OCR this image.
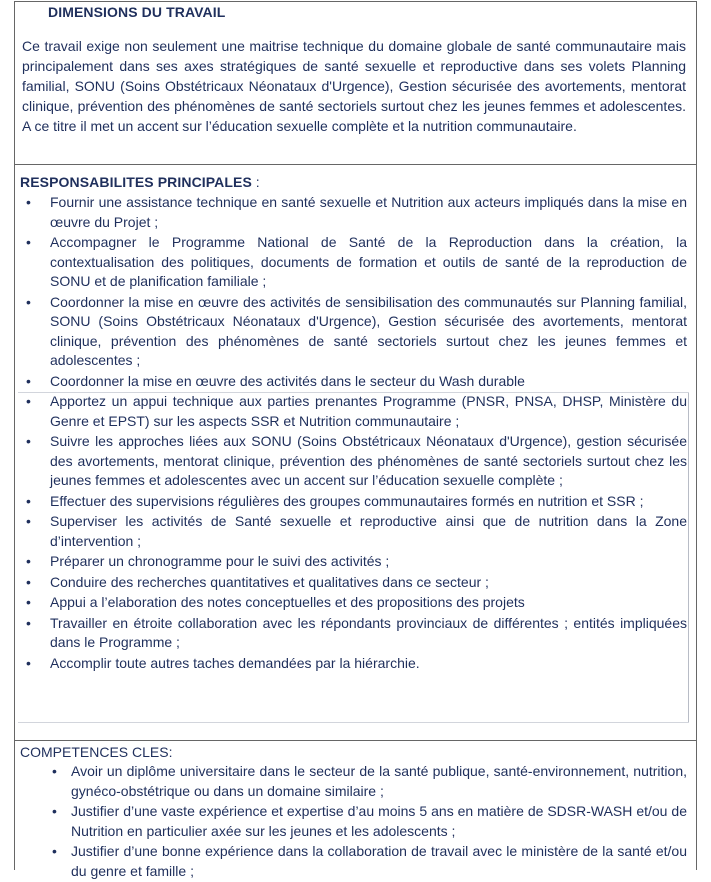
DIMENSIONS DU TRAVAIL
Ce travail exige non seulement une maitrise technique du domaine globale de santé communautaire mais principalement dans ses axes stratégiques de santé sexuelle et reproductive dans ses volets Planning familial, SONU (Soins Obstétricaux Néonataux d'Urgence), Gestion sécurisée des avortements, mentorat clinique, prévention des phénomènes de santé sectoriels surtout chez les jeunes femmes et adolescentes. A ce titre il met un accent sur l’éducation sexuelle complète et la nutrition communautaire.
RESPONSABILITES PRINCIPALES :
• Fournir une assistance technique en santé sexuelle et Nutrition aux acteurs impliqués dans la mise en œuvre du Projet ;
• Accompagner le Programme National de Santé de la Reproduction dans la création, la contextualisation des politiques, documents de formation et outils de santé de la reproduction de SONU et de planification familiale ;
• Coordonner la mise en œuvre des activités de sensibilisation des communautés sur Planning familial, SONU (Soins Obstétricaux Néonataux d'Urgence), Gestion sécurisée des avortements, mentorat clinique, prévention des phénomènes de santé sectoriels surtout chez les jeunes femmes et adolescentes ;
• Coordonner la mise en œuvre des activités dans le secteur du Wash durable
• Apportez un appui technique aux parties prenantes Programme (PNSR, PNSA, DHSP, Ministère du Genre et EPST) sur les aspects SSR et Nutrition communautaire ;
• Suivre les approches liées aux SONU (Soins Obstétricaux Néonataux d'Urgence), gestion sécurisée des avortements, mentorat clinique, prévention des phénomènes de santé sectoriels surtout chez les jeunes femmes et adolescentes avec un accent sur l’éducation sexuelle complète ;
• Effectuer des supervisions régulières des groupes communautaires formés en nutrition et SSR ;
• Superviser les activités de Santé sexuelle et reproductive ainsi que de nutrition dans la Zone d’intervention ;
• Préparer un chronogramme pour le suivi des activités ;
• Conduire des recherches quantitatives et qualitatives dans ce secteur ;
• Appui a l’elaboration des notes conceptuelles et des propositions des projets
• Travailler en étroite collaboration avec les répondants provinciaux de différentes ; entités impliquées dans le Programme ;
• Accomplir toute autres taches demandées par la hiérarchie.
COMPETENCES CLES:
• Avoir un diplôme universitaire dans le secteur de la santé publique, santé-environnement, nutrition, gynéco-obstétrique ou dans un domaine similaire ;
• Justifier d’une vaste expérience et expertise d’au moins 5 ans en matière de SDSR-WASH et/ou de Nutrition en particulier axée sur les jeunes et les adolescents ;
• Justifier d’une bonne expérience dans la collaboration de travail avec le ministère de la santé et/ou du genre et famille ;
